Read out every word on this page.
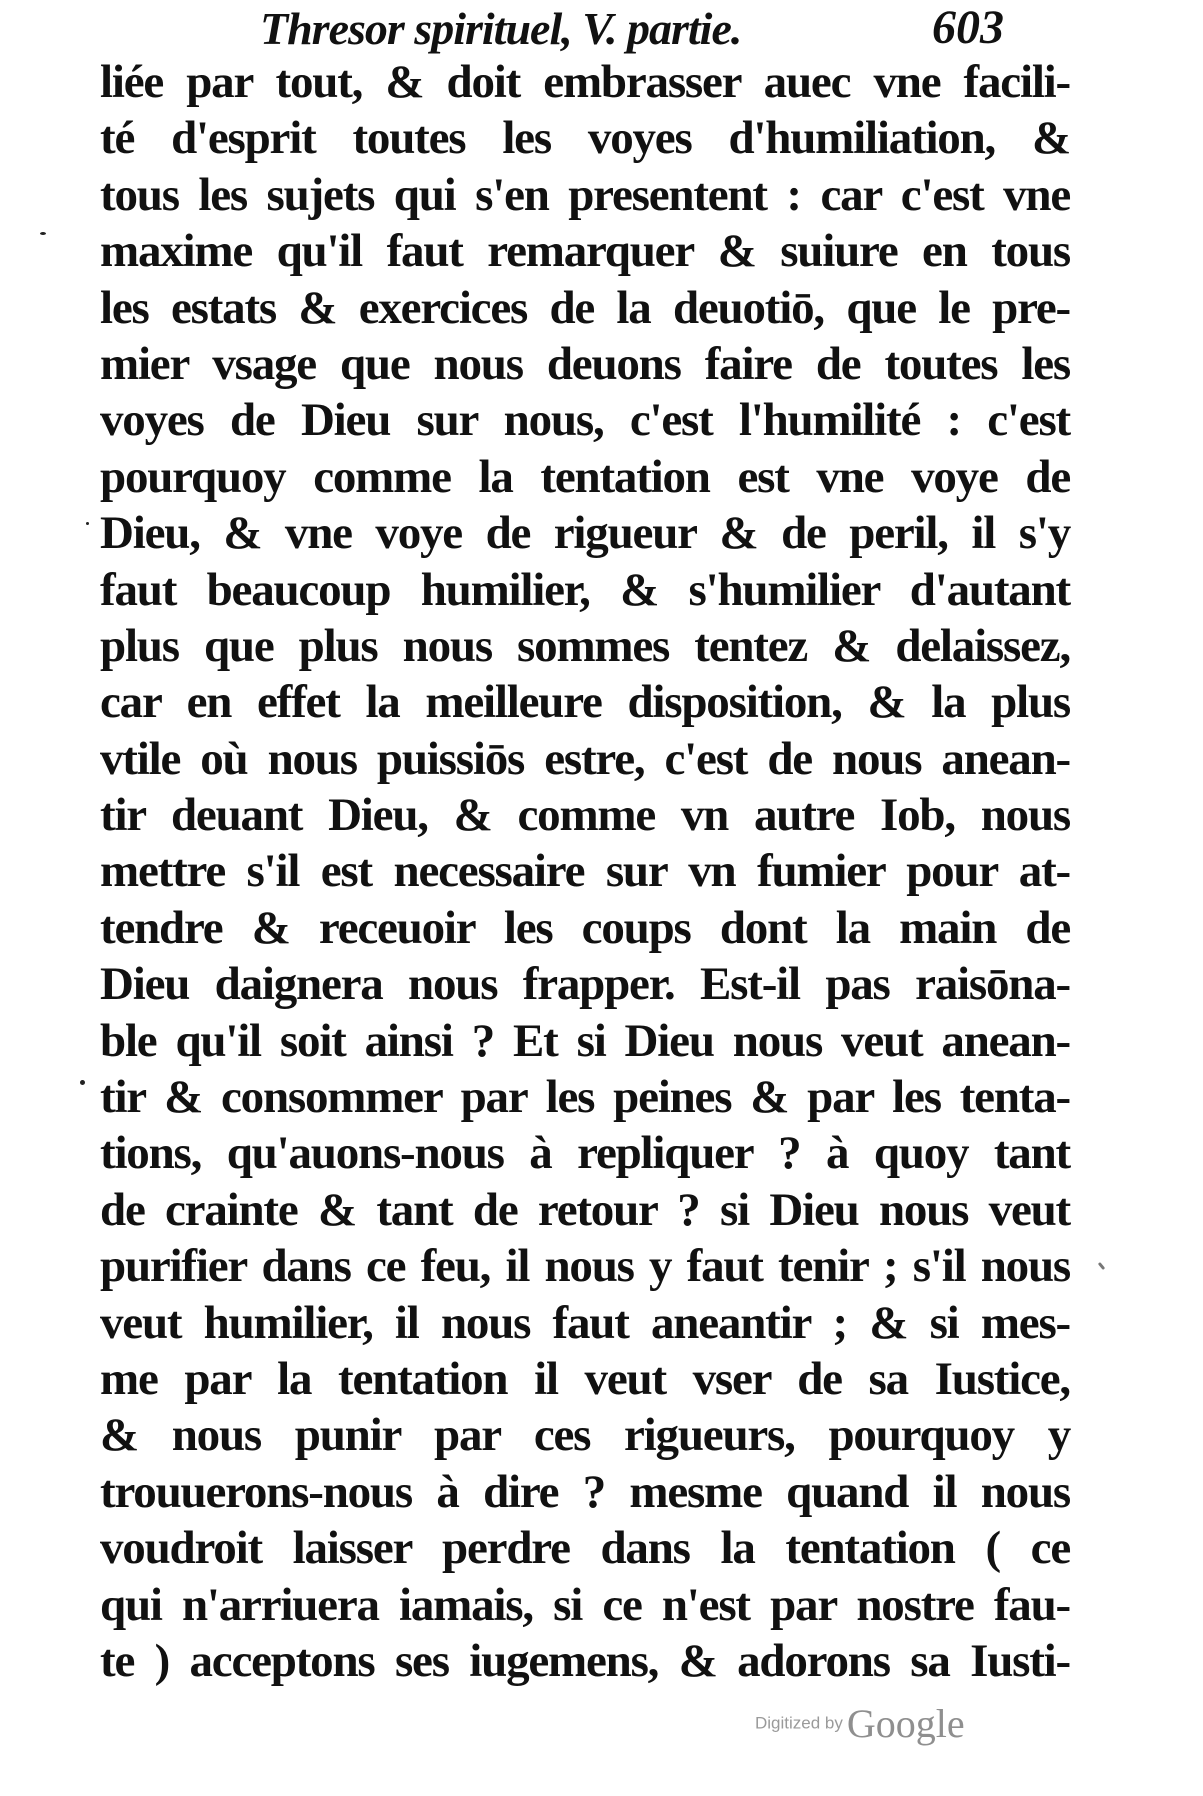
Thresor spirituel, V. partie.	603
liée par tout, & doit embrasser auec vne facili-
té d'esprit toutes les voyes d'humiliation, &
tous les sujets qui s'en presentent : car c'est vne
maxime qu'il faut remarquer & suiure en tous
les estats & exercices de la deuotiō, que le pre-
mier vsage que nous deuons faire de toutes les
voyes de Dieu sur nous, c'est l'humilité : c'est
pourquoy comme la tentation est vne voye de
Dieu, & vne voye de rigueur & de peril, il s'y
faut beaucoup humilier, & s'humilier d'autant
plus que plus nous sommes tentez & delaissez,
car en effet la meilleure disposition, & la plus
vtile où nous puissiōs estre, c'est de nous anean-
tir deuant Dieu, & comme vn autre Iob, nous
mettre s'il est necessaire sur vn fumier pour at-
tendre & receuoir les coups dont la main de
Dieu daignera nous frapper. Est-il pas raisōna-
ble qu'il soit ainsi ? Et si Dieu nous veut anean-
tir & consommer par les peines & par les tenta-
tions, qu'auons-nous à repliquer ? à quoy tant
de crainte & tant de retour ? si Dieu nous veut
purifier dans ce feu, il nous y faut tenir ; s'il nous
veut humilier, il nous faut aneantir ; & si mes-
me par la tentation il veut vser de sa Iustice,
& nous punir par ces rigueurs, pourquoy y
trouuerons-nous à dire ? mesme quand il nous
voudroit laisser perdre dans la tentation ( ce
qui n'arriuera iamais, si ce n'est par nostre fau-
te ) acceptons ses iugemens, & adorons sa Iusti-
Digitized by Google
